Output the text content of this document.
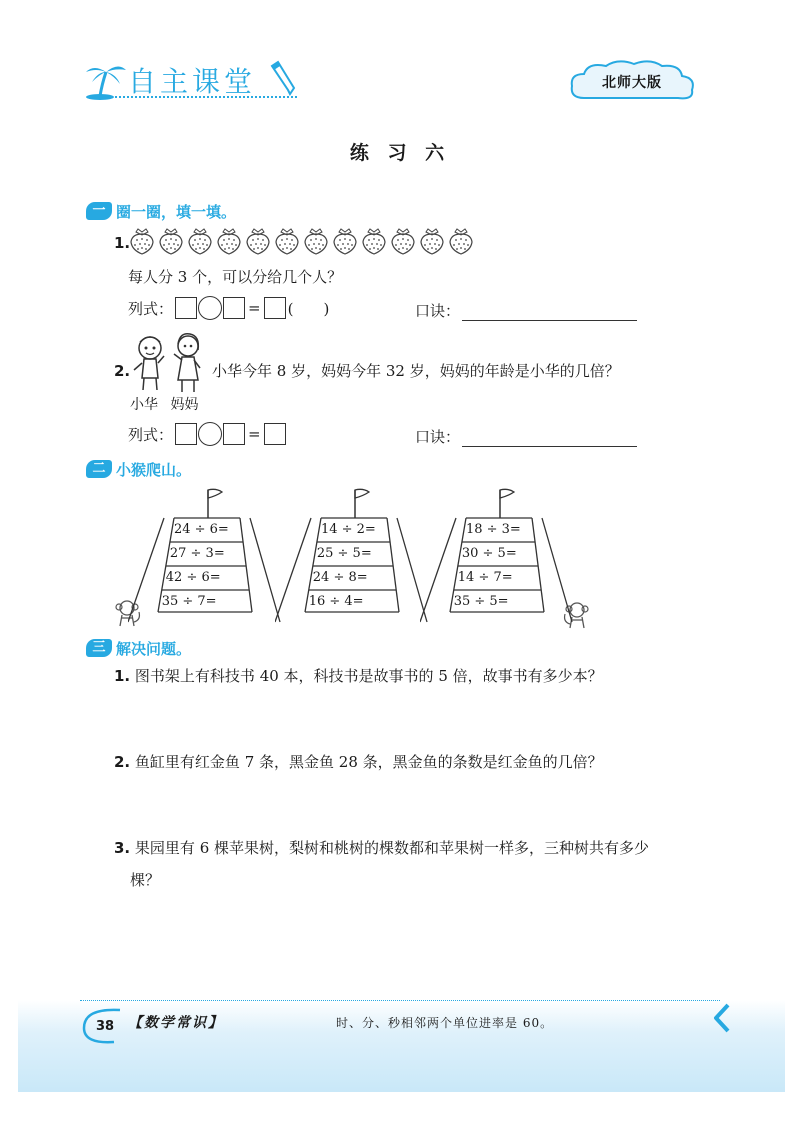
自主课堂	北师大版
练 习 六
一 圈一圈，填一填。
1.
每人分 3 个，可以分给几个人？
列式：	= (　　)	口诀：
2.	小华今年 8 岁，妈妈今年 32 岁，妈妈的年龄是小华的几倍？
小华 妈妈
列式：	=	口诀：
二 小猴爬山。
24 ÷ 6=
27 ÷ 3=
42 ÷ 6=
35 ÷ 7=
14 ÷ 2=
25 ÷ 5=
24 ÷ 8=
16 ÷ 4=
18 ÷ 3=
30 ÷ 5=
14 ÷ 7=
35 ÷ 5=
三 解决问题。
1. 图书架上有科技书 40 本，科技书是故事书的 5 倍，故事书有多少本？
2. 鱼缸里有红金鱼 7 条，黑金鱼 28 条，黑金鱼的条数是红金鱼的几倍？
3. 果园里有 6 棵苹果树，梨树和桃树的棵数都和苹果树一样多，三种树共有多少
棵？
38 【数学常识】	时、分、秒相邻两个单位进率是 60。
